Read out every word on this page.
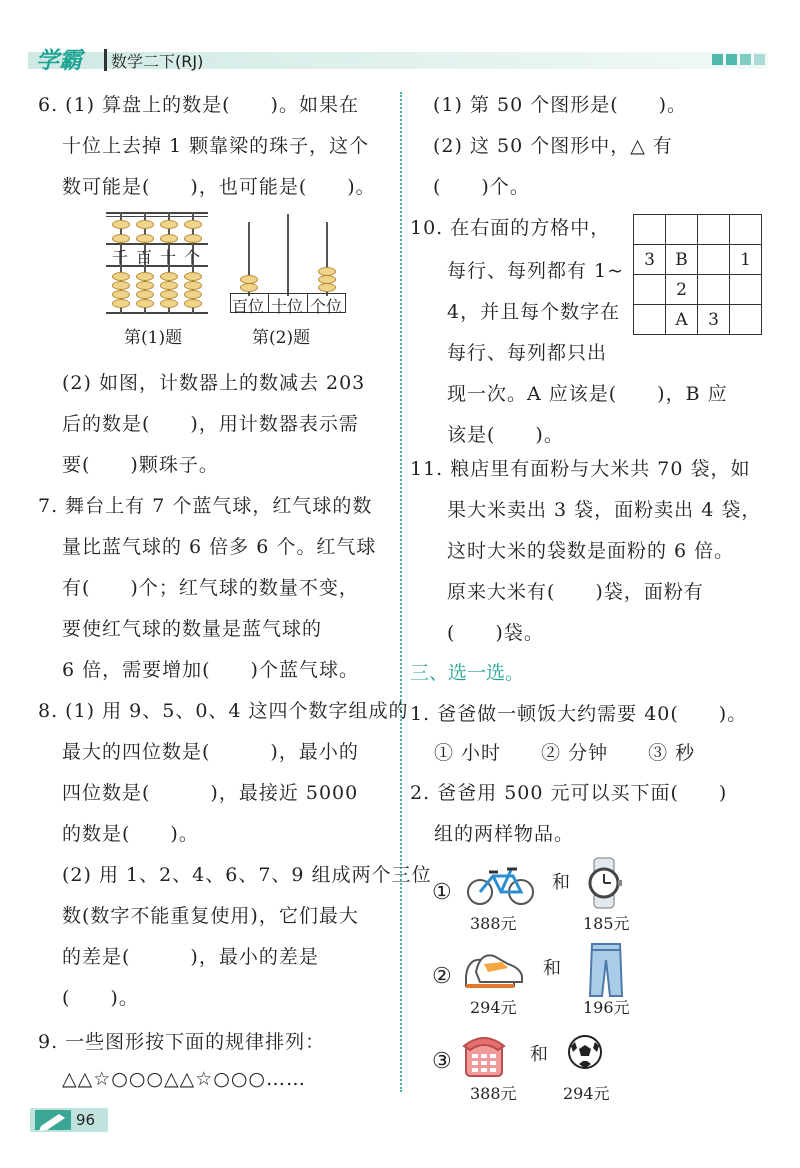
学霸 数学二下(RJ)
6. (1) 算盘上的数是(　　)。如果在
十位上去掉 1 颗靠梁的珠子，这个
数可能是(　　)，也可能是(　　)。
千 百 十 个
百位 十位 个位
第(1)题	第(2)题
(2) 如图，计数器上的数减去 203
后的数是(　　)，用计数器表示需
要(　　)颗珠子。
7. 舞台上有 7 个蓝气球，红气球的数
量比蓝气球的 6 倍多 6 个。红气球
有(　　)个；红气球的数量不变，
要使红气球的数量是蓝气球的
6 倍，需要增加(　　)个蓝气球。
8. (1) 用 9、5、0、4 这四个数字组成的
最大的四位数是(　　　)，最小的
四位数是(　　　)，最接近 5000
的数是(　　)。
(2) 用 1、2、4、6、7、9 组成两个三位
数(数字不能重复使用)，它们最大
的差是(　　　)，最小的差是
(　　)。
9. 一些图形按下面的规律排列：
△△☆○○○△△☆○○○……
(1) 第 50 个图形是(　　)。
(2) 这 50 个图形中，△ 有
(　　)个。
10. 在右面的方格中，
每行、每列都有 1~
4，并且每个数字在
每行、每列都只出
现一次。A 应该是(　　)，B 应
该是(　　)。

3	B		1
	2		
	A	3	
11. 粮店里有面粉与大米共 70 袋，如
果大米卖出 3 袋，面粉卖出 4 袋，
这时大米的袋数是面粉的 6 倍。
原来大米有(　　)袋，面粉有
(　　)袋。
三、选一选。
1. 爸爸做一顿饭大约需要 40(　　)。
① 小时　　② 分钟　　③ 秒
2. 爸爸用 500 元可以买下面(　　)
组的两样物品。
①	和
388元	185元
②	和
294元	196元
③	和
388元	294元
96
